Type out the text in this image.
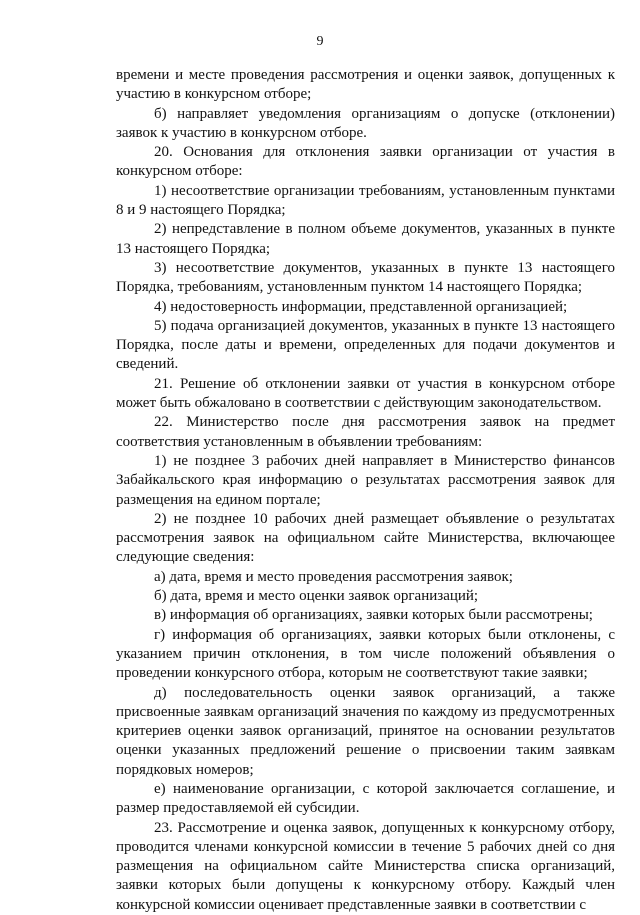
9

времени и месте проведения рассмотрения и оценки заявок, допущенных к участию в конкурсном отборе;

б) направляет уведомления организациям о допуске (отклонении) заявок к участию в конкурсном отборе.

20. Основания для отклонения заявки организации от участия в конкурсном отборе:

1) несоответствие организации требованиям, установленным пунктами 8 и 9 настоящего Порядка;

2) непредставление в полном объеме документов, указанных в пункте 13 настоящего Порядка;

3) несоответствие документов, указанных в пункте 13 настоящего Порядка, требованиям, установленным пунктом 14 настоящего Порядка;

4) недостоверность информации, представленной организацией;

5) подача организацией документов, указанных в пункте 13 настоящего Порядка, после даты и времени, определенных для подачи документов и сведений.

21. Решение об отклонении заявки от участия в конкурсном отборе может быть обжаловано в соответствии с действующим законодательством.

22. Министерство после дня рассмотрения заявок на предмет соответствия установленным в объявлении требованиям:

1) не позднее 3 рабочих дней направляет в Министерство финансов Забайкальского края информацию о результатах рассмотрения заявок для размещения на едином портале;

2) не позднее 10 рабочих дней размещает объявление о результатах рассмотрения заявок на официальном сайте Министерства, включающее следующие сведения:

а) дата, время и место проведения рассмотрения заявок;

б) дата, время и место оценки заявок организаций;

в) информация об организациях, заявки которых были рассмотрены;

г) информация об организациях, заявки которых были отклонены, с указанием причин отклонения, в том числе положений объявления о проведении конкурсного отбора, которым не соответствуют такие заявки;

д) последовательность оценки заявок организаций, а также присвоенные заявкам организаций значения по каждому из предусмотренных критериев оценки заявок организаций, принятое на основании результатов оценки указанных предложений решение о присвоении таким заявкам порядковых номеров;

е) наименование организации, с которой заключается соглашение, и размер предоставляемой ей субсидии.

23. Рассмотрение и оценка заявок, допущенных к конкурсному отбору, проводится членами конкурсной комиссии в течение 5 рабочих дней со дня размещения на официальном сайте Министерства списка организаций, заявки которых были допущены к конкурсному отбору. Каждый член конкурсной комиссии оценивает представленные заявки в соответствии с
